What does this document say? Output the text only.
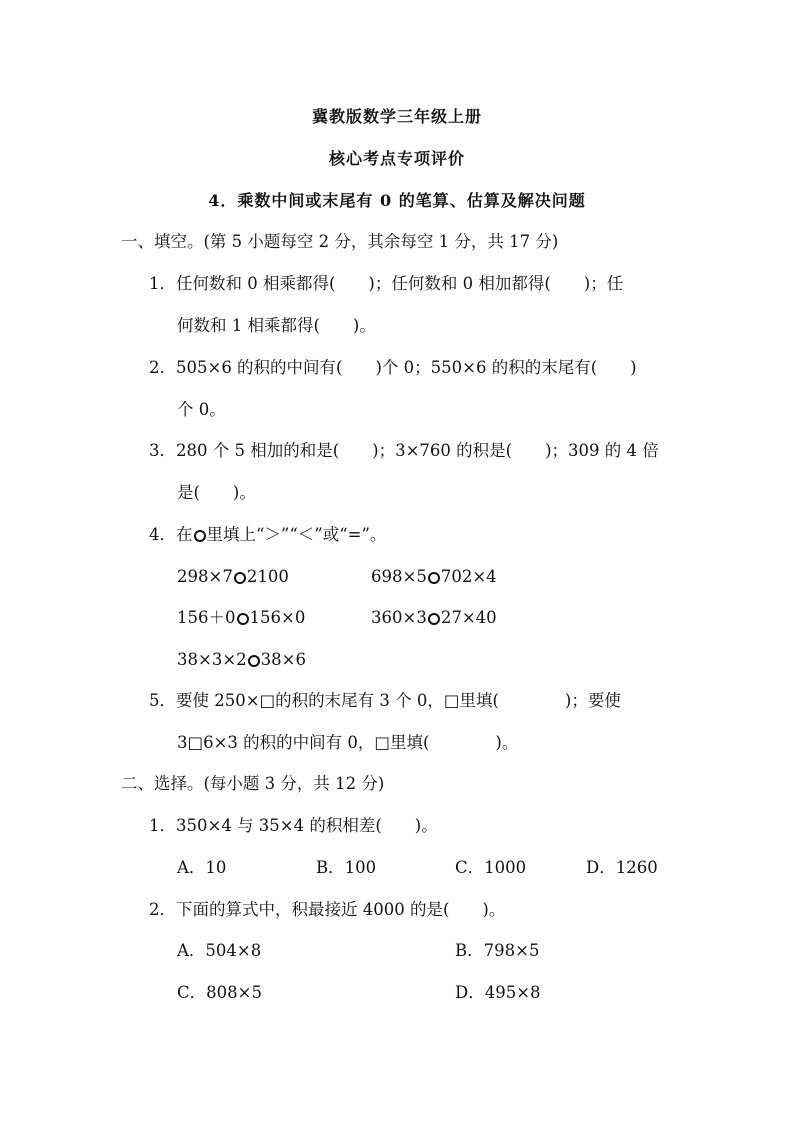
冀教版数学三年级上册
核心考点专项评价
4．乘数中间或末尾有 0 的笔算、估算及解决问题
一、填空。(第 5 小题每空 2 分，其余每空 1 分，共 17 分)
1．任何数和 0 相乘都得(　　)；任何数和 0 相加都得(　　)；任
何数和 1 相乘都得(　　)。
2．505×6 的积的中间有(　　)个 0；550×6 的积的末尾有(　　)
个 0。
3．280 个 5 相加的和是(　　)；3×760 的积是(　　)；309 的 4 倍
是(　　)。
4．在 里填上“＞”“＜”或“=”。
298×7 2100	698×5 702×4
156＋0 156×0	360×3 27×40
38×3×2 38×6
5．要使 250×□的积的末尾有 3 个 0，□里填(　　　　)；要使
3□6×3 的积的中间有 0，□里填(　　　　)。
二、选择。(每小题 3 分，共 12 分)
1．350×4 与 35×4 的积相差(　　)。
A．10	B．100	C．1000	D．1260
2．下面的算式中，积最接近 4000 的是(　　)。
A．504×8	B．798×5
C．808×5	D．495×8
